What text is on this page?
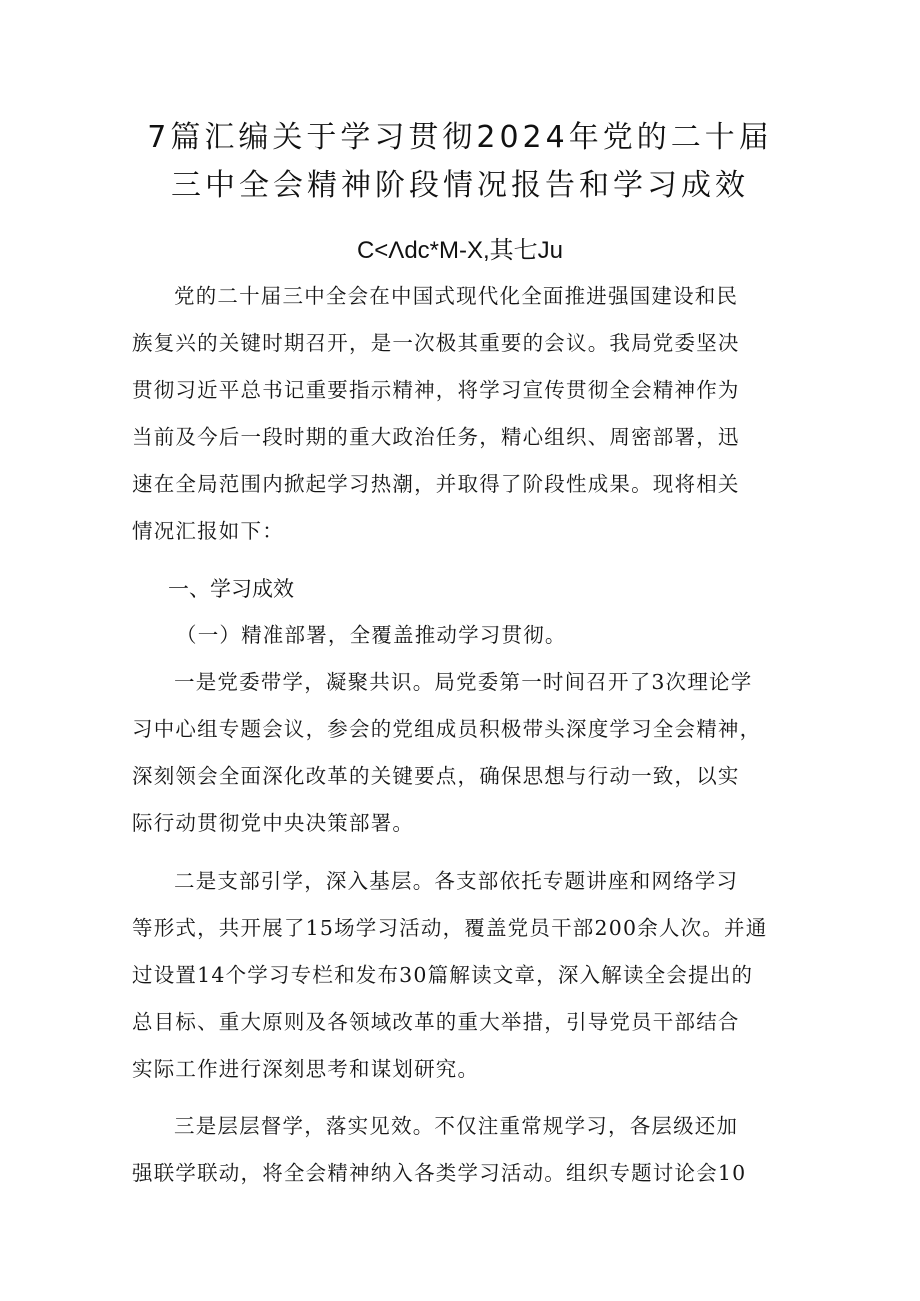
7篇汇编关于学习贯彻2024年党的二十届
三中全会精神阶段情况报告和学习成效
C<Λdc*M-X,其七Ju
党的二十届三中全会在中国式现代化全面推进强国建设和民
族复兴的关键时期召开，是一次极其重要的会议。我局党委坚决
贯彻习近平总书记重要指示精神，将学习宣传贯彻全会精神作为
当前及今后一段时期的重大政治任务，精心组织、周密部署，迅
速在全局范围内掀起学习热潮，并取得了阶段性成果。现将相关
情况汇报如下：
一、学习成效
（一）精准部署，全覆盖推动学习贯彻。
一是党委带学，凝聚共识。局党委第一时间召开了3次理论学
习中心组专题会议，参会的党组成员积极带头深度学习全会精神，
深刻领会全面深化改革的关键要点，确保思想与行动一致，以实
际行动贯彻党中央决策部署。
二是支部引学，深入基层。各支部依托专题讲座和网络学习
等形式，共开展了15场学习活动，覆盖党员干部200余人次。并通
过设置14个学习专栏和发布30篇解读文章，深入解读全会提出的
总目标、重大原则及各领域改革的重大举措，引导党员干部结合
实际工作进行深刻思考和谋划研究。
三是层层督学，落实见效。不仅注重常规学习，各层级还加
强联学联动，将全会精神纳入各类学习活动。组织专题讨论会10
